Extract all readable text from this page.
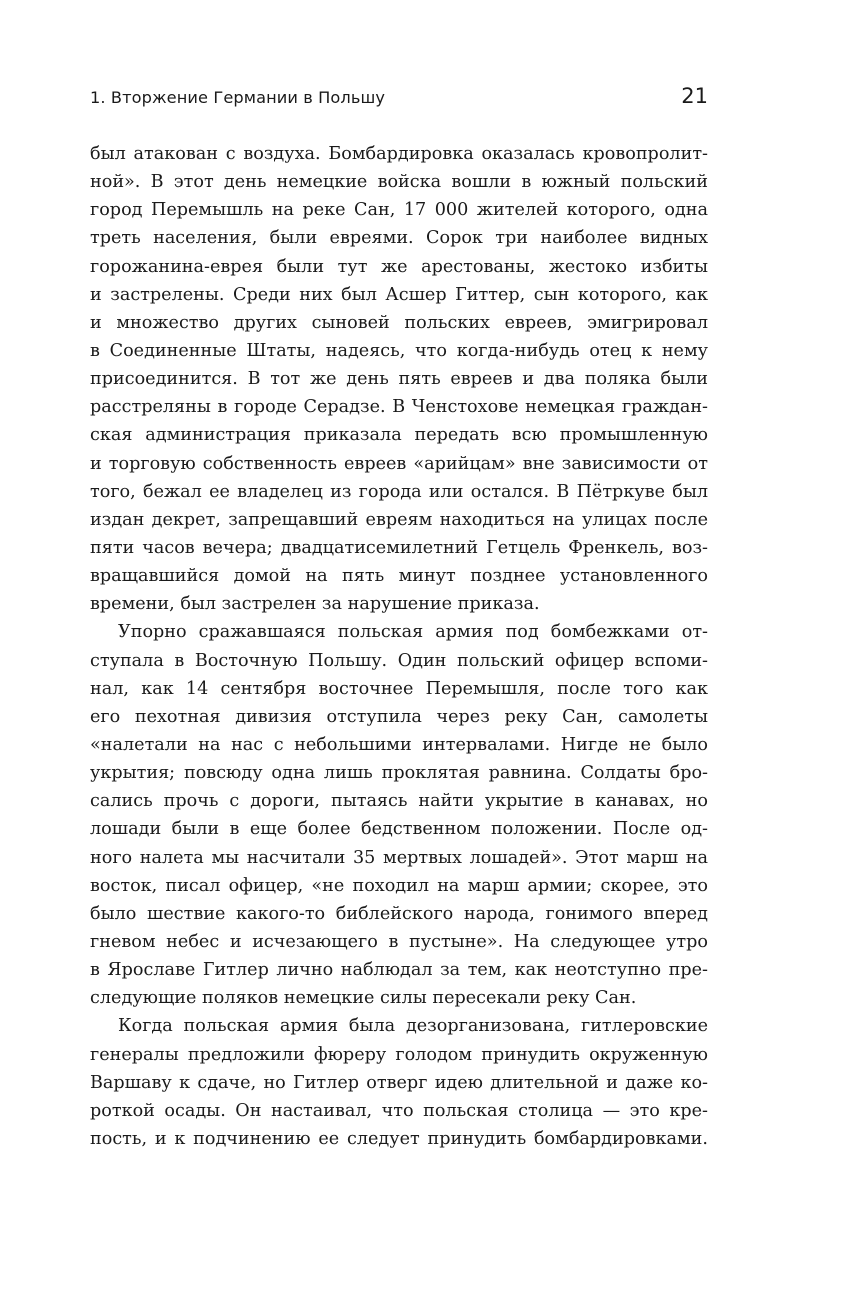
1. Вторжение Германии в Польшу	21
был атакован с воздуха. Бомбардировка оказалась кровопролит-
ной». В этот день немецкие войска вошли в южный польский
город Перемышль на реке Сан, 17 000 жителей которого, одна
треть населения, были евреями. Сорок три наиболее видных
горожанина-еврея были тут же арестованы, жестоко избиты
и застрелены. Среди них был Асшер Гиттер, сын которого, как
и множество других сыновей польских евреев, эмигрировал
в Соединенные Штаты, надеясь, что когда-нибудь отец к нему
присоединится. В тот же день пять евреев и два поляка были
расстреляны в городе Серадзе. В Ченстохове немецкая граждан-
ская администрация приказала передать всю промышленную
и торговую собственность евреев «арийцам» вне зависимости от
того, бежал ее владелец из города или остался. В Пётркуве был
издан декрет, запрещавший евреям находиться на улицах после
пяти часов вечера; двадцатисемилетний Гетцель Френкель, воз-
вращавшийся домой на пять минут позднее установленного
времени, был застрелен за нарушение приказа.
Упорно сражавшаяся польская армия под бомбежками от-
ступала в Восточную Польшу. Один польский офицер вспоми-
нал, как 14 сентября восточнее Перемышля, после того как
его пехотная дивизия отступила через реку Сан, самолеты
«налетали на нас с небольшими интервалами. Нигде не было
укрытия; повсюду одна лишь проклятая равнина. Солдаты бро-
сались прочь с дороги, пытаясь найти укрытие в канавах, но
лошади были в еще более бедственном положении. После од-
ного налета мы насчитали 35 мертвых лошадей». Этот марш на
восток, писал офицер, «не походил на марш армии; скорее, это
было шествие какого-то библейского народа, гонимого вперед
гневом небес и исчезающего в пустыне». На следующее утро
в Ярославе Гитлер лично наблюдал за тем, как неотступно пре-
следующие поляков немецкие силы пересекали реку Сан.
Когда польская армия была дезорганизована, гитлеровские
генералы предложили фюреру голодом принудить окруженную
Варшаву к сдаче, но Гитлер отверг идею длительной и даже ко-
роткой осады. Он настаивал, что польская столица — это кре-
пость, и к подчинению ее следует принудить бомбардировками.
